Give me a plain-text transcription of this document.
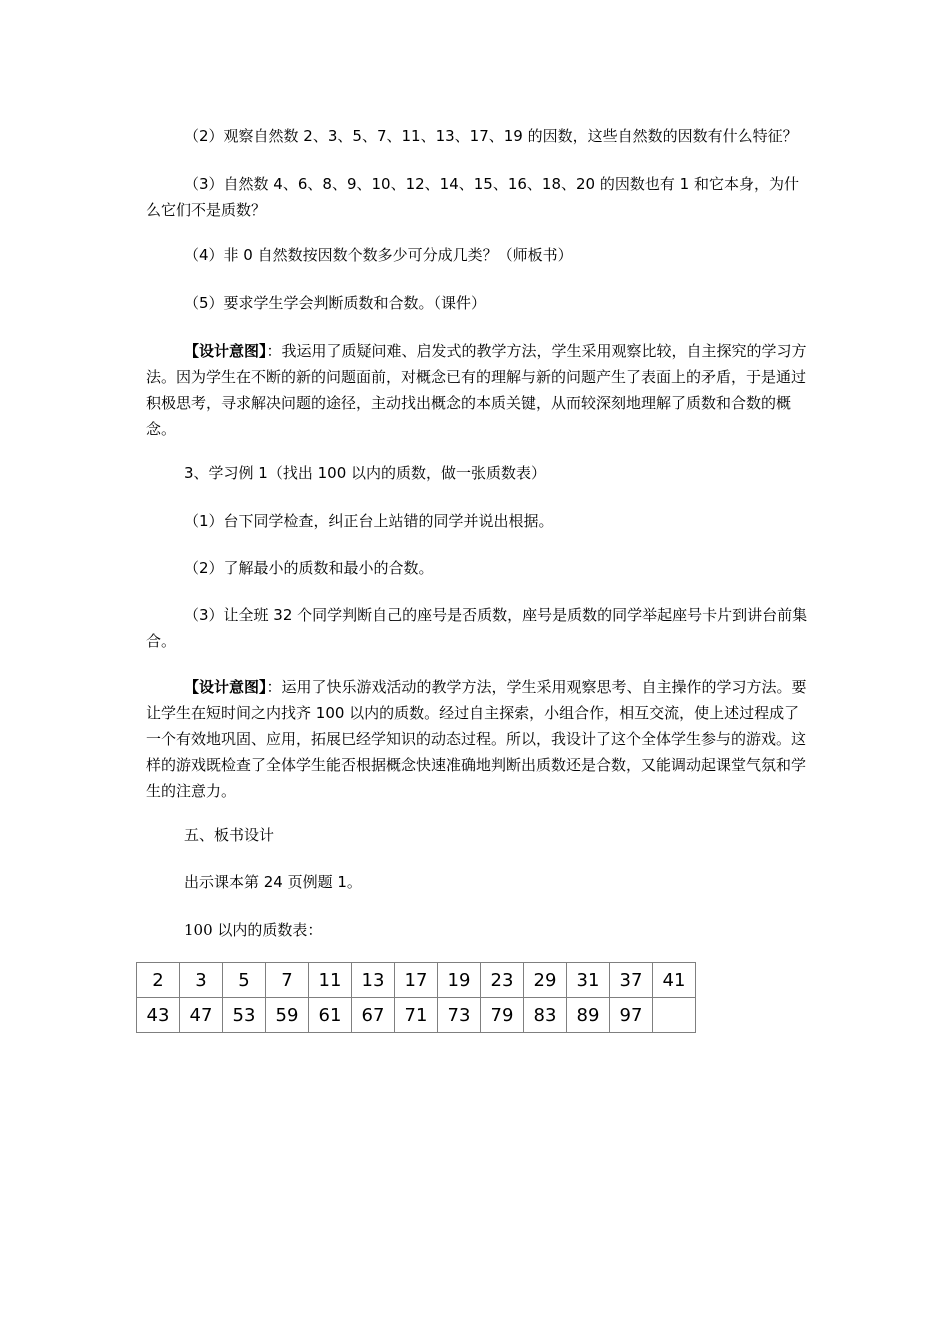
（2）观察自然数 2、3、5、7、11、13、17、19 的因数，这些自然数的因数有什么特征？
（3）自然数 4、6、8、9、10、12、14、15、16、18、20 的因数也有 1 和它本身，为什么它们不是质数？
（4）非 0 自然数按因数个数多少可分成几类？（师板书）
（5）要求学生学会判断质数和合数。（课件）
【设计意图】：我运用了质疑问难、启发式的教学方法，学生采用观察比较，自主探究的学习方法。因为学生在不断的新的问题面前，对概念已有的理解与新的问题产生了表面上的矛盾，于是通过积极思考，寻求解决问题的途径，主动找出概念的本质关键，从而较深刻地理解了质数和合数的概念。
3、学习例 1（找出 100 以内的质数，做一张质数表）
（1）台下同学检查，纠正台上站错的同学并说出根据。
（2）了解最小的质数和最小的合数。
（3）让全班 32 个同学判断自己的座号是否质数，座号是质数的同学举起座号卡片到讲台前集合。
【设计意图】：运用了快乐游戏活动的教学方法，学生采用观察思考、自主操作的学习方法。要让学生在短时间之内找齐 100 以内的质数。经过自主探索，小组合作，相互交流，使上述过程成了一个有效地巩固、应用，拓展巳经学知识的动态过程。所以，我设计了这个全体学生参与的游戏。这样的游戏既检查了全体学生能否根据概念快速准确地判断出质数还是合数，又能调动起课堂气氛和学生的注意力。
五、板书设计
出示课本第 24 页例题 1。
100 以内的质数表：
2	3	5	7	11	13	17	19	23	29	31	37	41
43	47	53	59	61	67	71	73	79	83	89	97	
